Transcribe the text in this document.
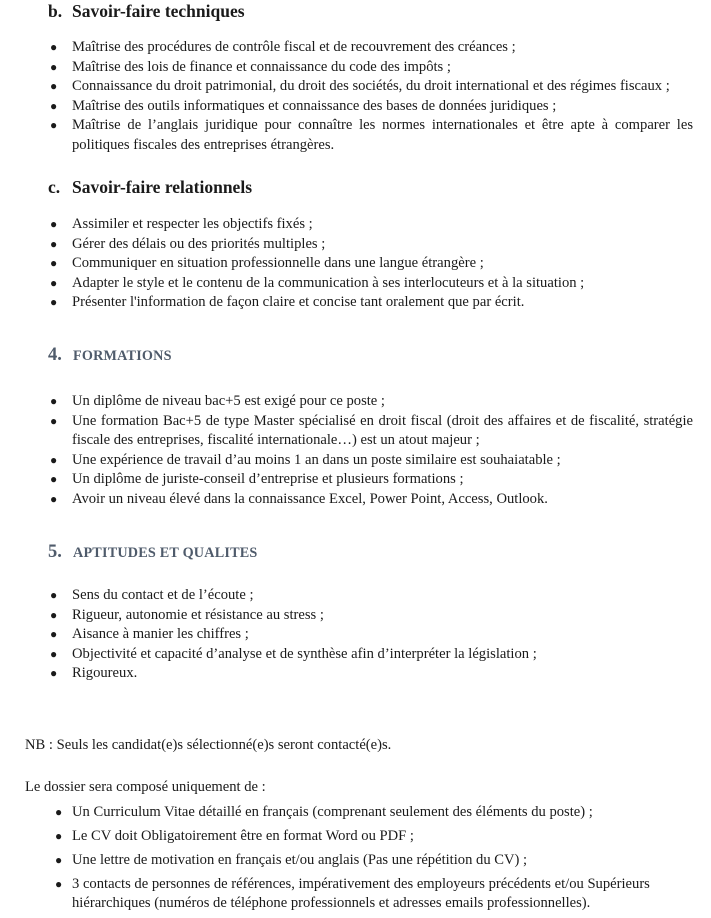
b. Savoir-faire techniques
● Maîtrise des procédures de contrôle fiscal et de recouvrement des créances ;
● Maîtrise des lois de finance et connaissance du code des impôts ;
● Connaissance du droit patrimonial, du droit des sociétés, du droit international et des régimes fiscaux ;
● Maîtrise des outils informatiques et connaissance des bases de données juridiques ;
● Maîtrise de l’anglais juridique pour connaître les normes internationales et être apte à comparer les politiques fiscales des entreprises étrangères.
c. Savoir-faire relationnels
● Assimiler et respecter les objectifs fixés ;
● Gérer des délais ou des priorités multiples ;
● Communiquer en situation professionnelle dans une langue étrangère ;
● Adapter le style et le contenu de la communication à ses interlocuteurs et à la situation ;
● Présenter l'information de façon claire et concise tant oralement que par écrit.
4. FORMATIONS
● Un diplôme de niveau bac+5 est exigé pour ce poste ;
● Une formation Bac+5 de type Master spécialisé en droit fiscal (droit des affaires et de fiscalité, stratégie fiscale des entreprises, fiscalité internationale…) est un atout majeur ;
● Une expérience de travail d’au moins 1 an dans un poste similaire est souhaiatable ;
● Un diplôme de juriste-conseil d’entreprise et plusieurs formations ;
● Avoir un niveau élevé dans la connaissance Excel, Power Point, Access, Outlook.
5. APTITUDES ET QUALITES
● Sens du contact et de l’écoute ;
● Rigueur, autonomie et résistance au stress ;
● Aisance à manier les chiffres ;
● Objectivité et capacité d’analyse et de synthèse afin d’interpréter la législation ;
● Rigoureux.
NB : Seuls les candidat(e)s sélectionné(e)s seront contacté(e)s.
Le dossier sera composé uniquement de :
● Un Curriculum Vitae détaillé en français (comprenant seulement des éléments du poste) ;
● Le CV doit Obligatoirement être en format Word ou PDF ;
● Une lettre de motivation en français et/ou anglais (Pas une répétition du CV) ;
● 3 contacts de personnes de références, impérativement des employeurs précédents et/ou Supérieurs hiérarchiques (numéros de téléphone professionnels et adresses emails professionnelles).
